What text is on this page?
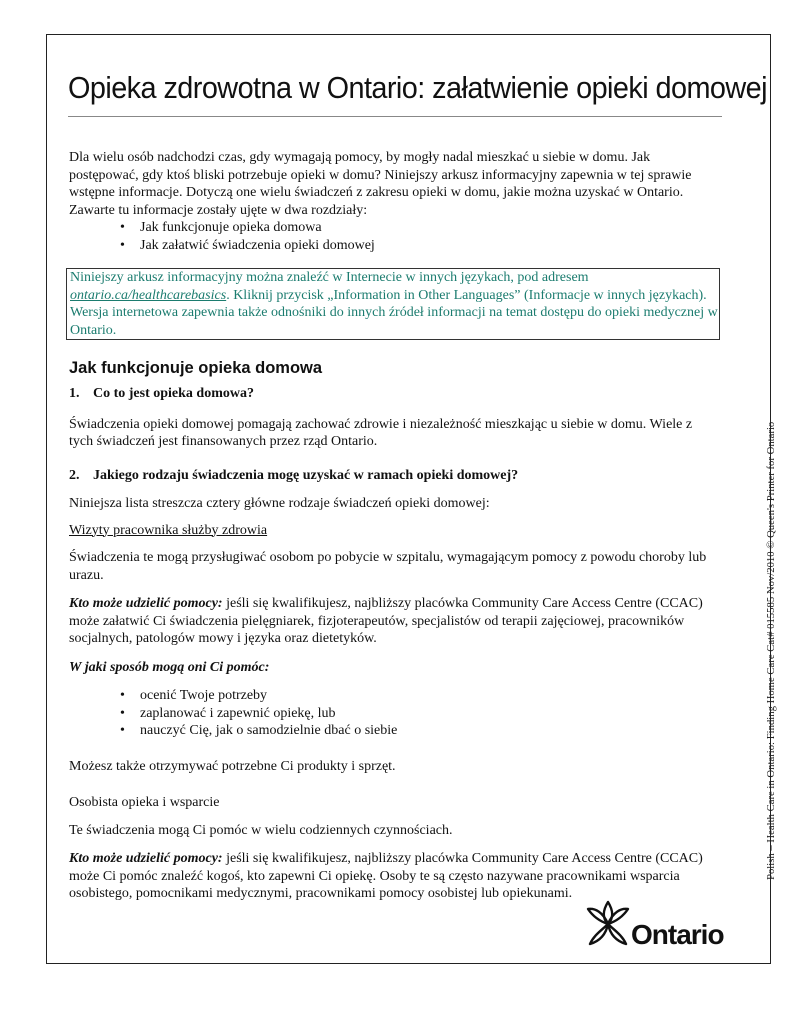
Opieka zdrowotna w Ontario: załatwienie opieki domowej

Dla wielu osób nadchodzi czas, gdy wymagają pomocy, by mogły nadal mieszkać u siebie w domu. Jak postępować, gdy ktoś bliski potrzebuje opieki w domu? Niniejszy arkusz informacyjny zapewnia w tej sprawie wstępne informacje. Dotyczą one wielu świadczeń z zakresu opieki w domu, jakie można uzyskać w Ontario.

Zawarte tu informacje zostały ujęte w dwa rozdziały:

• Jak funkcjonuje opieka domowa
• Jak załatwić świadczenia opieki domowej
Niniejszy arkusz informacyjny można znaleźć w Internecie w innych językach, pod adresem ontario.ca/healthcarebasics. Kliknij przycisk „Information in Other Languages” (Informacje w innych językach). Wersja internetowa zapewnia także odnośniki do innych źródeł informacji na temat dostępu do opieki medycznej w Ontario.
Jak funkcjonuje opieka domowa
1. Co to jest opieka domowa?

Świadczenia opieki domowej pomagają zachować zdrowie i niezależność mieszkając u siebie w domu. Wiele z tych świadczeń jest finansowanych przez rząd Ontario.

2. Jakiego rodzaju świadczenia mogę uzyskać w ramach opieki domowej?

Niniejsza lista streszcza cztery główne rodzaje świadczeń opieki domowej:

Wizyty pracownika służby zdrowia

Świadczenia te mogą przysługiwać osobom po pobycie w szpitalu, wymagającym pomocy z powodu choroby lub urazu.

Kto może udzielić pomocy: jeśli się kwalifikujesz, najbliższy placówka Community Care Access Centre (CCAC) może załatwić Ci świadczenia pielęgniarek, fizjoterapeutów, specjalistów od terapii zajęciowej, pracowników socjalnych, patologów mowy i języka oraz dietetyków.

W jaki sposób mogą oni Ci pomóc:

• ocenić Twoje potrzeby
• zaplanować i zapewnić opiekę, lub
• nauczyć Cię, jak o samodzielnie dbać o siebie

Możesz także otrzymywać potrzebne Ci produkty i sprzęt.

Osobista opieka i wsparcie

Te świadczenia mogą Ci pomóc w wielu codziennych czynnościach.

Kto może udzielić pomocy: jeśli się kwalifikujesz, najbliższy placówka Community Care Access Centre (CCAC) może Ci pomóc znaleźć kogoś, kto zapewni Ci opiekę. Osoby te są często nazywane pracownikami wsparcia osobistego, pomocnikami medycznymi, pracownikami pomocy osobistej lub opiekunami.

Polish – Health Care in Ontario: Finding Home Care Cat# 015585 Nov/2010 © Queen's Printer for Ontario
Ontario
